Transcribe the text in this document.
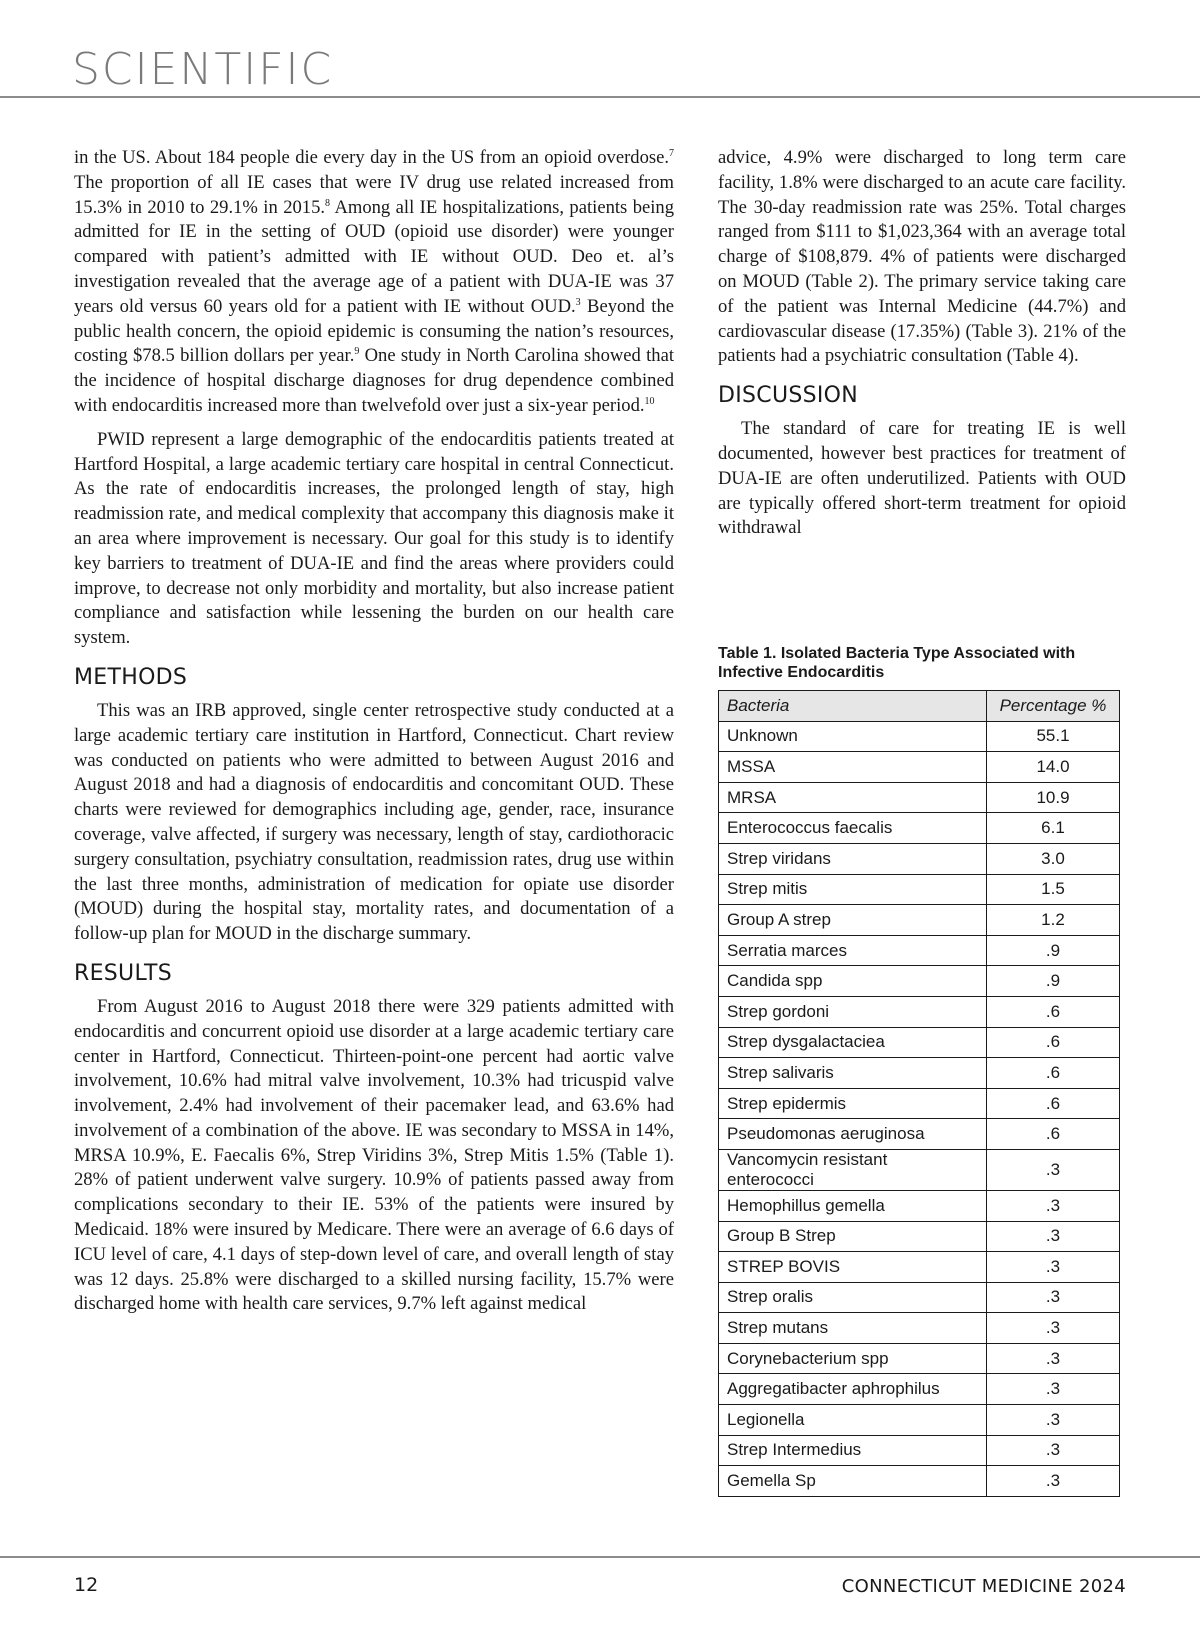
SCIENTIFIC

in the US. About 184 people die every day in the US from an opioid overdose.$^7$ The proportion of all IE cases that were IV drug use related increased from 15.3% in 2010 to 29.1% in 2015.$^8$ Among all IE hospitalizations, patients being admitted for IE in the setting of OUD (opioid use disorder) were younger compared with patient’s admitted with IE without OUD. Deo et. al’s investigation revealed that the average age of a patient with DUA-IE was 37 years old versus 60 years old for a patient with IE without OUD.$^3$ Beyond the public health concern, the opioid epidemic is consuming the nation’s resources, costing $78.5 billion dollars per year.$^9$ One study in North Carolina showed that the incidence of hospital discharge diagnoses for drug dependence combined with endocarditis increased more than twelvefold over just a six-year period.$^{10}$

PWID represent a large demographic of the endocarditis patients treated at Hartford Hospital, a large academic tertiary care hospital in central Connecticut. As the rate of endocarditis increases, the prolonged length of stay, high readmission rate, and medical complexity that accompany this diagnosis make it an area where improvement is necessary. Our goal for this study is to identify key barriers to treatment of DUA-IE and find the areas where providers could improve, to decrease not only morbidity and mortality, but also increase patient compliance and satisfaction while lessening the burden on our health care system.

METHODS

This was an IRB approved, single center retrospective study conducted at a large academic tertiary care institution in Hartford, Connecticut. Chart review was conducted on patients who were admitted to between August 2016 and August 2018 and had a diagnosis of endocarditis and concomitant OUD. These charts were reviewed for demographics including age, gender, race, insurance coverage, valve affected, if surgery was necessary, length of stay, cardiothoracic surgery consultation, psychiatry consultation, readmission rates, drug use within the last three months, administration of medication for opiate use disorder (MOUD) during the hospital stay, mortality rates, and documentation of a follow-up plan for MOUD in the discharge summary.

RESULTS

From August 2016 to August 2018 there were 329 patients admitted with endocarditis and concurrent opioid use disorder at a large academic tertiary care center in Hartford, Connecticut. Thirteen-point-one percent had aortic valve involvement, 10.6% had mitral valve involvement, 10.3% had tricuspid valve involvement, 2.4% had involvement of their pacemaker lead, and 63.6% had involvement of a combination of the above. IE was secondary to MSSA in 14%, MRSA 10.9%, E. Faecalis 6%, Strep Viridins 3%, Strep Mitis 1.5% (Table 1). 28% of patient underwent valve surgery. 10.9% of patients passed away from complications secondary to their IE. 53% of the patients were insured by Medicaid. 18% were insured by Medicare. There were an average of 6.6 days of ICU level of care, 4.1 days of step-down level of care, and overall length of stay was 12 days. 25.8% were discharged to a skilled nursing facility, 15.7% were discharged home with health care services, 9.7% left against medical

advice, 4.9% were discharged to long term care facility, 1.8% were discharged to an acute care facility. The 30-day readmission rate was 25%. Total charges ranged from $111 to $1,023,364 with an average total charge of $108,879. 4% of patients were discharged on MOUD (Table 2). The primary service taking care of the patient was Internal Medicine (44.7%) and cardiovascular disease (17.35%) (Table 3). 21% of the patients had a psychiatric consultation (Table 4).

DISCUSSION

The standard of care for treating IE is well documented, however best practices for treatment of DUA-IE are often underutilized. Patients with OUD are typically offered short-term treatment for opioid withdrawal

Table 1. Isolated Bacteria Type Associated with Infective Endocarditis
Bacteria	Percentage %
Unknown	55.1
MSSA	14.0
MRSA	10.9
Enterococcus faecalis	6.1
Strep viridans	3.0
Strep mitis	1.5
Group A strep	1.2
Serratia marces	.9
Candida spp	.9
Strep gordoni	.6
Strep dysgalactaciea	.6
Strep salivaris	.6
Strep epidermis	.6
Pseudomonas aeruginosa	.6
Vancomycin resistant enterococci	.3
Hemophillus gemella	.3
Group B Strep	.3
STREP BOVIS	.3
Strep oralis	.3
Strep mutans	.3
Corynebacterium spp	.3
Aggregatibacter aphrophilus	.3
Legionella	.3
Strep Intermedius	.3
Gemella Sp	.3
12	CONNECTICUT MEDICINE 2024
